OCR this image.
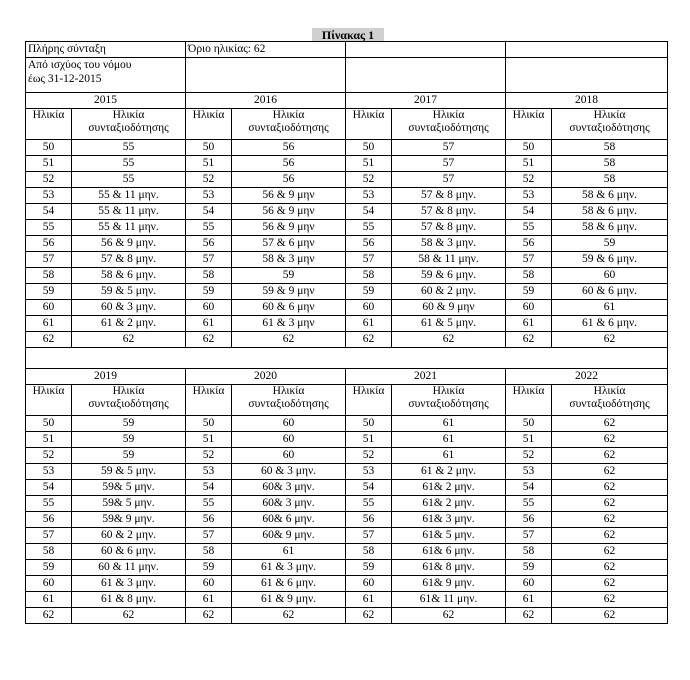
Πίνακας 1
Πλήρης σύνταξη		Όριο ηλικίας: 62					
Από ισχύος του νόμου
έως 31-12-2015							
2015		2016		2017		2018	
Ηλικία	Ηλικία συνταξιοδότησης	Ηλικία	Ηλικία συνταξιοδότησης	Ηλικία	Ηλικία συνταξιοδότησης	Ηλικία	Ηλικία συνταξιοδότησης
50	55	50	56	50	57	50	58
51	55	51	56	51	57	51	58
52	55	52	56	52	57	52	58
53	55 & 11 μην.	53	56 & 9 μην	53	57 & 8 μην.	53	58 & 6 μην.
54	55 & 11 μην.	54	56 & 9 μην	54	57 & 8 μην.	54	58 & 6 μην.
55	55 & 11 μην.	55	56 & 9 μην	55	57 & 8 μην.	55	58 & 6 μην.
56	56 & 9 μην.	56	57 & 6 μην	56	58 & 3 μην.	56	59
57	57 & 8 μην.	57	58 & 3 μην	57	58 & 11 μην.	57	59 & 6 μην.
58	58 & 6 μην.	58	59	58	59 & 6 μην.	58	60
59	59 & 5 μην.	59	59 & 9 μην	59	60 & 2 μην.	59	60 & 6 μην.
60	60 & 3 μην.	60	60 & 6 μην	60	60 & 9 μην	60	61
61	61 & 2 μην.	61	61 & 3 μην	61	61 & 5 μην.	61	61 & 6 μην.
62	62	62	62	62	62	62	62

2019		2020		2021		2022	
Ηλικία	Ηλικία συνταξιοδότησης	Ηλικία	Ηλικία συνταξιοδότησης	Ηλικία	Ηλικία συνταξιοδότησης	Ηλικία	Ηλικία συνταξιοδότησης
50	59	50	60	50	61	50	62
51	59	51	60	51	61	51	62
52	59	52	60	52	61	52	62
53	59 & 5 μην.	53	60 & 3 μην.	53	61 & 2 μην.	53	62
54	59& 5 μην.	54	60& 3 μην.	54	61& 2 μην.	54	62
55	59& 5 μην.	55	60& 3 μην.	55	61& 2 μην.	55	62
56	59& 9 μην.	56	60& 6 μην.	56	61& 3 μην.	56	62
57	60 & 2 μην.	57	60& 9 μην.	57	61& 5 μην.	57	62
58	60 & 6 μην.	58	61	58	61& 6 μην.	58	62
59	60 & 11 μην.	59	61 & 3 μην.	59	61& 8 μην.	59	62
60	61 & 3 μην.	60	61 & 6 μην.	60	61& 9 μην.	60	62
61	61 & 8 μην.	61	61 & 9 μην.	61	61& 11 μην.	61	62
62	62	62	62	62	62	62	62
